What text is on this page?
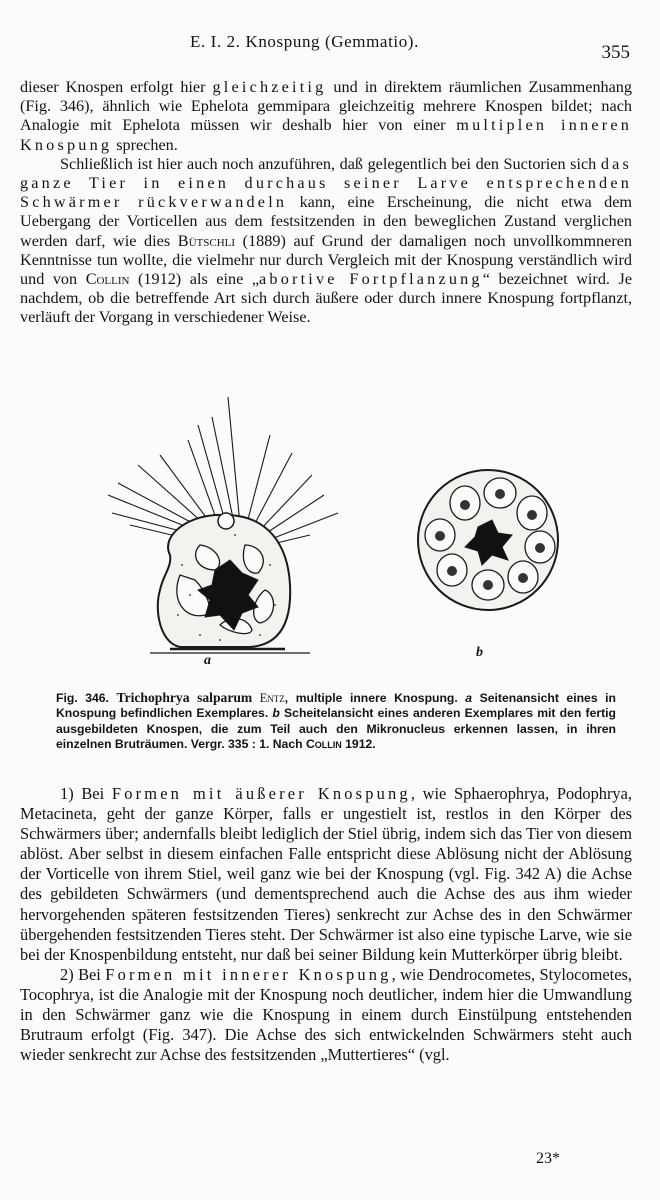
E. I. 2. Knospung (Gemmatio).
355

dieser Knospen erfolgt hier gleichzeitig und in direktem räumlichen Zusammenhang (Fig. 346), ähnlich wie Ephelota gemmipara gleichzeitig mehrere Knospen bildet; nach Analogie mit Ephelota müssen wir deshalb hier von einer multiplen inneren Knospung sprechen.

Schließlich ist hier auch noch anzuführen, daß gelegentlich bei den Suctorien sich das ganze Tier in einen durchaus seiner Larve entsprechenden Schwärmer rückverwandeln kann, eine Erscheinung, die nicht etwa dem Uebergang der Vorticellen aus dem festsitzenden in den beweglichen Zustand verglichen werden darf, wie dies Bütschli (1889) auf Grund der damaligen noch unvollkommneren Kenntnisse tun wollte, die vielmehr nur durch Vergleich mit der Knospung verständlich wird und von Collin (1912) als eine „abortive Fortpflanzung“ bezeichnet wird. Je nachdem, ob die betreffende Art sich durch äußere oder durch innere Knospung fortpflanzt, verläuft der Vorgang in verschiedener Weise.

a
b
Fig. 346. Trichophrya salparum Entz, multiple innere Knospung. a Seitenansicht eines in Knospung befindlichen Exemplares. b Scheitelansicht eines anderen Exemplares mit den fertig ausgebildeten Knospen, die zum Teil auch den Mikronucleus erkennen lassen, in ihren einzelnen Bruträumen. Vergr. 335 : 1. Nach Collin 1912.

1) Bei Formen mit äußerer Knospung, wie Sphaerophrya, Podophrya, Metacineta, geht der ganze Körper, falls er ungestielt ist, restlos in den Körper des Schwärmers über; andernfalls bleibt lediglich der Stiel übrig, indem sich das Tier von diesem ablöst. Aber selbst in diesem einfachen Falle entspricht diese Ablösung nicht der Ablösung der Vorticelle von ihrem Stiel, weil ganz wie bei der Knospung (vgl. Fig. 342 A) die Achse des gebildeten Schwärmers (und dementsprechend auch die Achse des aus ihm wieder hervorgehenden späteren festsitzenden Tieres) senkrecht zur Achse des in den Schwärmer übergehenden festsitzenden Tieres steht. Der Schwärmer ist also eine typische Larve, wie sie bei der Knospenbildung entsteht, nur daß bei seiner Bildung kein Mutterkörper übrig bleibt.

2) Bei Formen mit innerer Knospung, wie Dendrocometes, Stylocometes, Tocophrya, ist die Analogie mit der Knospung noch deutlicher, indem hier die Umwandlung in den Schwärmer ganz wie die Knospung in einem durch Einstülpung entstehenden Brutraum erfolgt (Fig. 347). Die Achse des sich entwickelnden Schwärmers steht auch wieder senkrecht zur Achse des festsitzenden „Muttertieres“ (vgl.

23*
